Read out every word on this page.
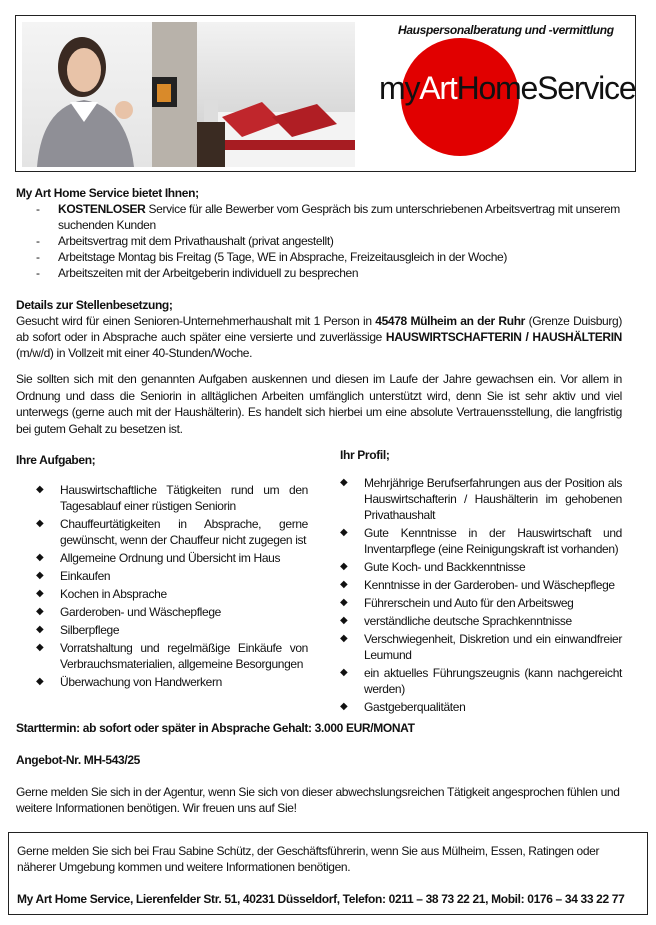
Hauspersonalberatung und -vermittlung
myArtHomeService
My Art Home Service bietet Ihnen;
- KOSTENLOSER Service für alle Bewerber vom Gespräch bis zum unterschriebenen Arbeitsvertrag mit unserem suchenden Kunden
- Arbeitsvertrag mit dem Privathaushalt (privat angestellt)
- Arbeitstage Montag bis Freitag (5 Tage, WE in Absprache, Freizeitausgleich in der Woche)
- Arbeitszeiten mit der Arbeitgeberin individuell zu besprechen
Details zur Stellenbesetzung;

Gesucht wird für einen Senioren-Unternehmerhaushalt mit 1 Person in 45478 Mülheim an der Ruhr (Grenze Duisburg) ab sofort oder in Absprache auch später eine versierte und zuverlässige HAUSWIRTSCHAFTERIN / HAUSHÄLTERIN (m/w/d) in Vollzeit mit einer 40-Stunden/Woche.

Sie sollten sich mit den genannten Aufgaben auskennen und diesen im Laufe der Jahre gewachsen ein. Vor allem in Ordnung und dass die Seniorin in alltäglichen Arbeiten umfänglich unterstützt wird, denn Sie ist sehr aktiv und viel unterwegs (gerne auch mit der Haushälterin). Es handelt sich hierbei um eine absolute Vertrauensstellung, die langfristig bei gutem Gehalt zu besetzen ist.

Ihre Aufgaben;
◆ Hauswirtschaftliche Tätigkeiten rund um den Tagesablauf einer rüstigen Seniorin
◆ Chauffeurtätigkeiten in Absprache, gerne gewünscht, wenn der Chauffeur nicht zugegen ist
◆ Allgemeine Ordnung und Übersicht im Haus
◆ Einkaufen
◆ Kochen in Absprache
◆ Garderoben- und Wäschepflege
◆ Silberpflege
◆ Vorratshaltung und regelmäßige Einkäufe von Verbrauchsmaterialien, allgemeine Besorgungen
◆ Überwachung von Handwerkern
Ihr Profil;
◆ Mehrjährige Berufserfahrungen aus der Position als Hauswirtschafterin / Haushälterin im gehobenen Privathaushalt
◆ Gute Kenntnisse in der Hauswirtschaft und Inventarpflege (eine Reinigungskraft ist vorhanden)
◆ Gute Koch- und Backkenntnisse
◆ Kenntnisse in der Garderoben- und Wäschepflege
◆ Führerschein und Auto für den Arbeitsweg
◆ verständliche deutsche Sprachkenntnisse
◆ Verschwiegenheit, Diskretion und ein einwandfreier Leumund
◆ ein aktuelles Führungszeugnis (kann nachgereicht werden)
◆ Gastgeberqualitäten
Starttermin: ab sofort oder später in Absprache Gehalt: 3.000 EUR/MONAT
Angebot-Nr. MH-543/25

Gerne melden Sie sich in der Agentur, wenn Sie sich von dieser abwechslungsreichen Tätigkeit angesprochen fühlen und weitere Informationen benötigen. Wir freuen uns auf Sie!

Gerne melden Sie sich bei Frau Sabine Schütz, der Geschäftsführerin, wenn Sie aus Mülheim, Essen, Ratingen oder näherer Umgebung kommen und weitere Informationen benötigen.
My Art Home Service, Lierenfelder Str. 51, 40231 Düsseldorf, Telefon: 0211 – 38 73 22 21, Mobil: 0176 – 34 33 22 77
